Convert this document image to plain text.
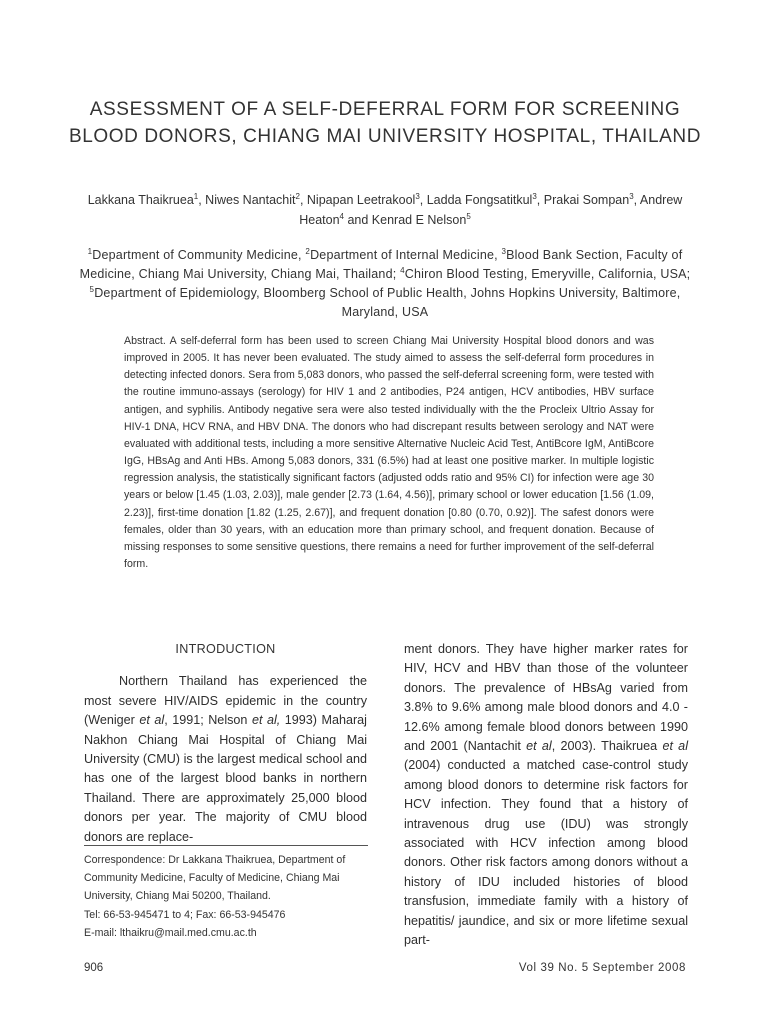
ASSESSMENT OF A SELF-DEFERRAL FORM FOR SCREENING BLOOD DONORS, CHIANG MAI UNIVERSITY HOSPITAL, THAILAND
Lakkana Thaikruea$^1$, Niwes Nantachit$^2$, Nipapan Leetrakool$^3$, Ladda Fongsatitkul$^3$, Prakai Sompan$^3$, Andrew Heaton$^4$ and Kenrad E Nelson$^5$
$^1$Department of Community Medicine, $^2$Department of Internal Medicine, $^3$Blood Bank Section, Faculty of Medicine, Chiang Mai University, Chiang Mai, Thailand; $^4$Chiron Blood Testing, Emeryville, California, USA; $^5$Department of Epidemiology, Bloomberg School of Public Health, Johns Hopkins University, Baltimore, Maryland, USA

Abstract. A self-deferral form has been used to screen Chiang Mai University Hospital blood donors and was improved in 2005. It has never been evaluated. The study aimed to assess the self-deferral form procedures in detecting infected donors. Sera from 5,083 donors, who passed the self-deferral screening form, were tested with the routine immuno-assays (serology) for HIV 1 and 2 antibodies, P24 antigen, HCV antibodies, HBV surface antigen, and syphilis. Antibody negative sera were also tested individually with the the Procleix Ultrio Assay for HIV-1 DNA, HCV RNA, and HBV DNA. The donors who had discrepant results between serology and NAT were evaluated with additional tests, including a more sensitive Alternative Nucleic Acid Test, AntiBcore IgM, AntiBcore IgG, HBsAg and Anti HBs. Among 5,083 donors, 331 (6.5%) had at least one positive marker. In multiple logistic regression analysis, the statistically significant factors (adjusted odds ratio and 95% CI) for infection were age 30 years or below [1.45 (1.03, 2.03)], male gender [2.73 (1.64, 4.56)], primary school or lower education [1.56 (1.09, 2.23)], first-time donation [1.82 (1.25, 2.67)], and frequent donation [0.80 (0.70, 0.92)]. The safest donors were females, older than 30 years, with an education more than primary school, and frequent donation. Because of missing responses to some sensitive questions, there remains a need for further improvement of the self-deferral form.

INTRODUCTION

Northern Thailand has experienced the most severe HIV/AIDS epidemic in the country (Weniger et al, 1991; Nelson et al, 1993) Maharaj Nakhon Chiang Mai Hospital of Chiang Mai University (CMU) is the largest medical school and has one of the largest blood banks in northern Thailand. There are approximately 25,000 blood donors per year. The majority of CMU blood donors are replace-

Correspondence: Dr Lakkana Thaikruea, Department of Community Medicine, Faculty of Medicine, Chiang Mai University, Chiang Mai 50200, Thailand.
Tel: 66-53-945471 to 4; Fax: 66-53-945476
E-mail: lthaikru@mail.med.cmu.ac.th

ment donors. They have higher marker rates for HIV, HCV and HBV than those of the volunteer donors. The prevalence of HBsAg varied from 3.8% to 9.6% among male blood donors and 4.0 - 12.6% among female blood donors between 1990 and 2001 (Nantachit et al, 2003). Thaikruea et al (2004) conducted a matched case-control study among blood donors to determine risk factors for HCV infection. They found that a history of intravenous drug use (IDU) was strongly associated with HCV infection among blood donors. Other risk factors among donors without a history of IDU included histories of blood transfusion, immediate family with a history of hepatitis/ jaundice, and six or more lifetime sexual part-

906	Vol 39 No. 5 September 2008
